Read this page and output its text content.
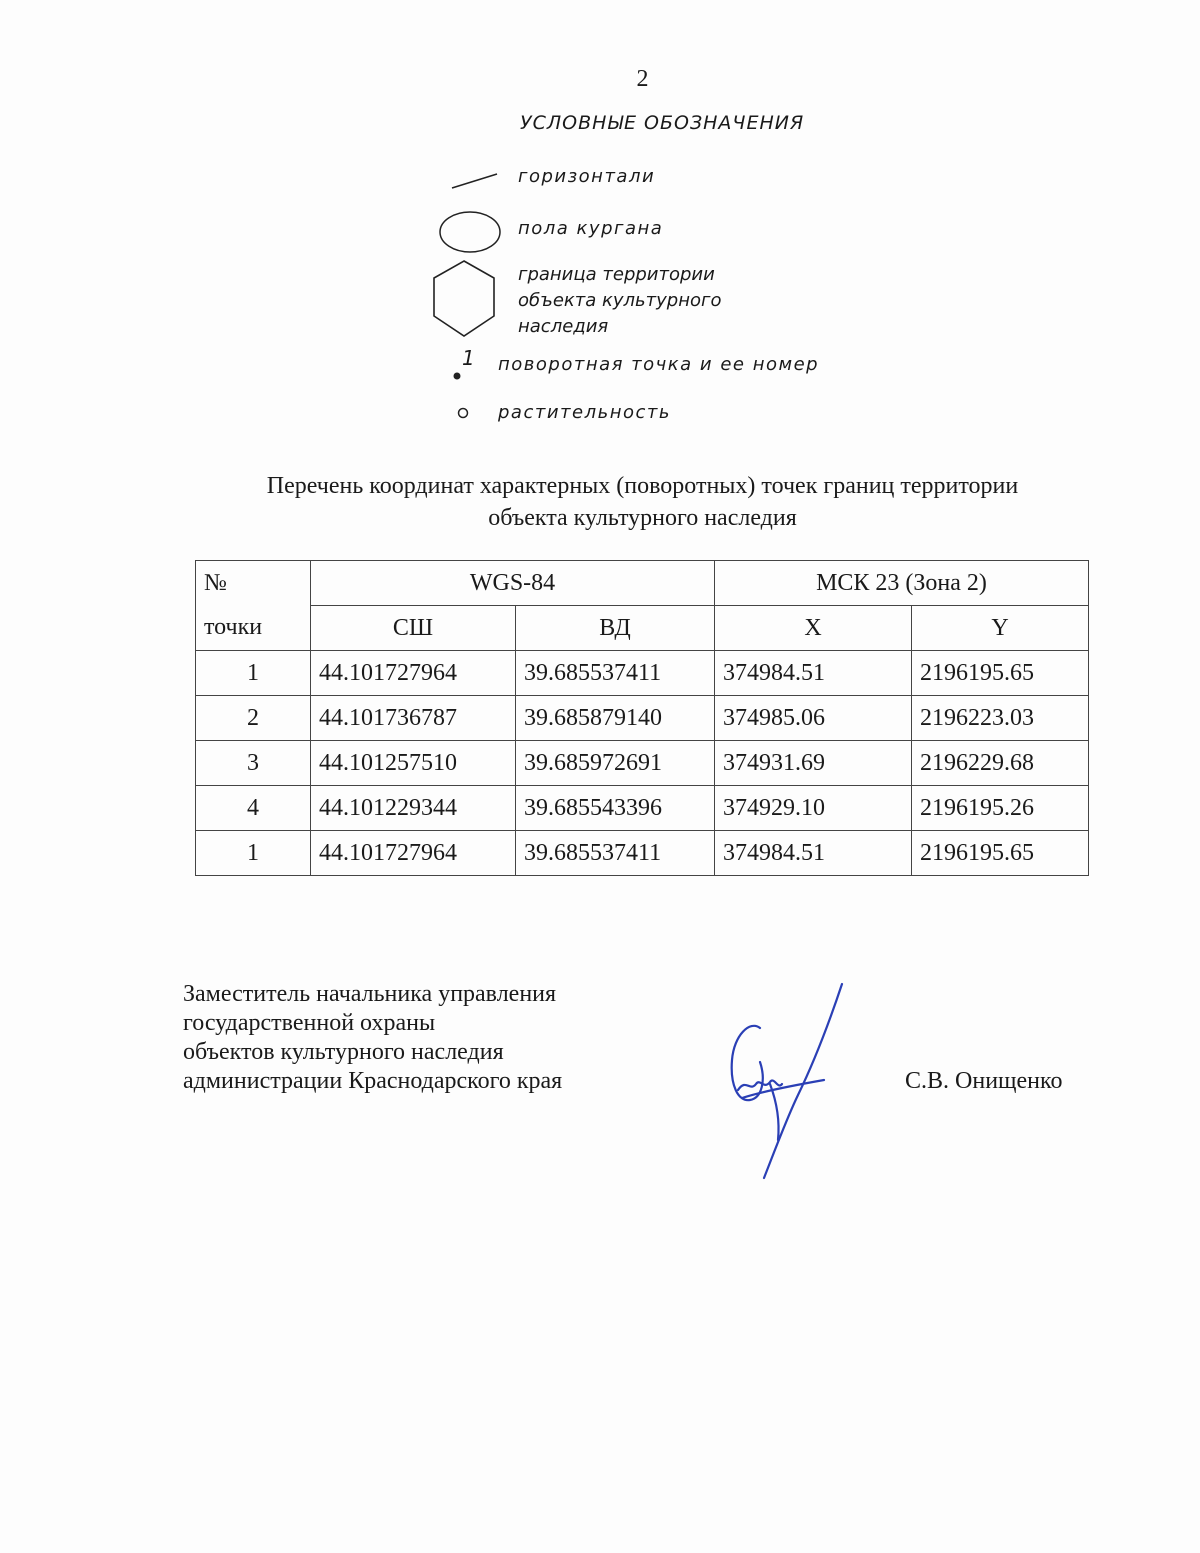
2
УСЛОВНЫЕ ОБОЗНАЧЕНИЯ
горизонтали
пола кургана
граница территории
объекта культурного
наследия
1 поворотная точка и ее номер
растительность
Перечень координат характерных (поворотных) точек границ территории
объекта культурного наследия
№	WGS-84		МСК 23 (Зона 2)	
точки	СШ	ВД	X	Y
1	44.101727964	39.685537411	374984.51	2196195.65
2	44.101736787	39.685879140	374985.06	2196223.03
3	44.101257510	39.685972691	374931.69	2196229.68
4	44.101229344	39.685543396	374929.10	2196195.26
1	44.101727964	39.685537411	374984.51	2196195.65
Заместитель начальника управления
государственной охраны
объектов культурного наследия
администрации Краснодарского края	С.В. Онищенко
